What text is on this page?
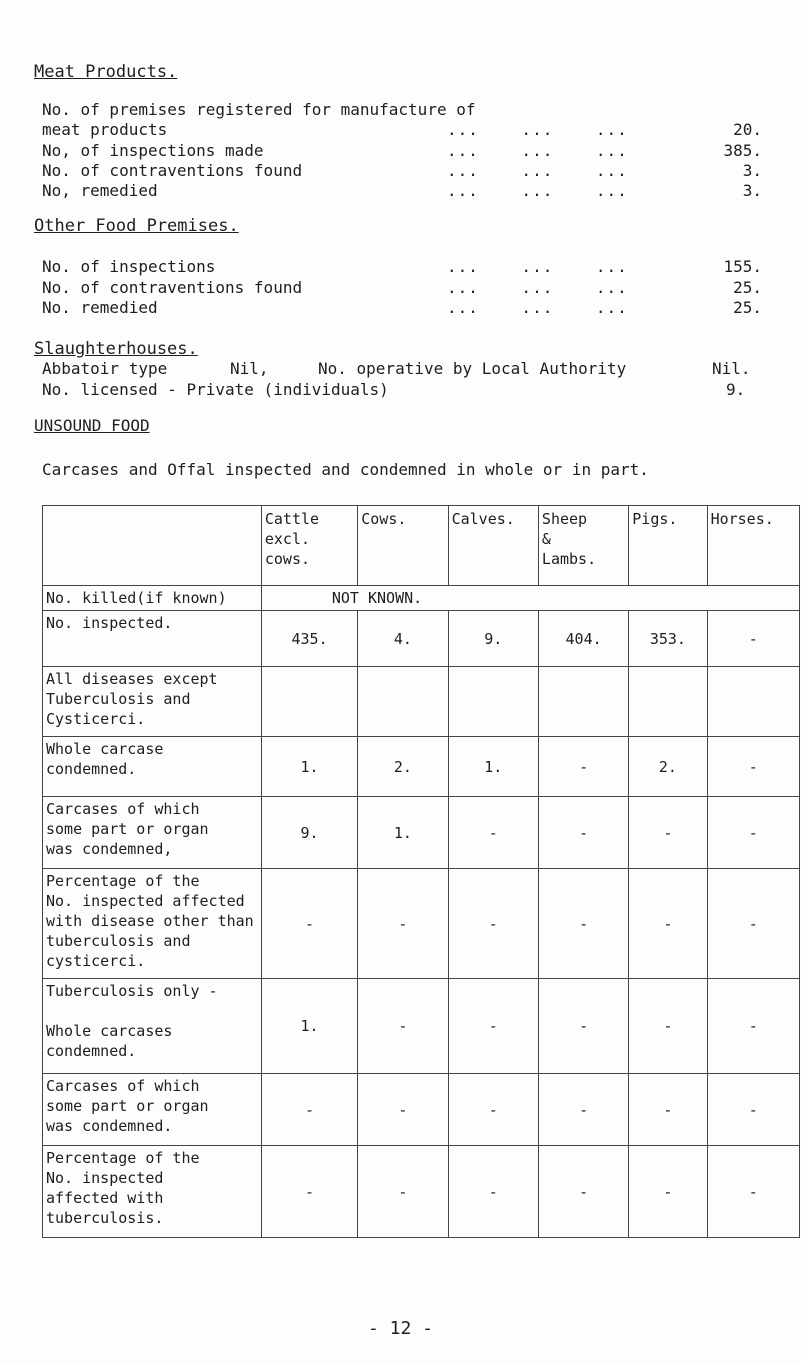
Meat Products.
No. of premises registered for manufacture of
meat products	...    ...    ...	20.
No, of inspections made	...    ...    ...	385.
No. of contraventions found	...    ...    ...	3.
No, remedied	...    ...    ...	3.
Other Food Premises.
No. of inspections	...    ...    ...	155.
No. of contraventions found	...    ...    ...	25.
No. remedied	...    ...    ...	25.
Slaughterhouses.
Abbatoir type	Nil,	No. operative by Local Authority	Nil.
No. licensed - Private (individuals)	9.
UNSOUND FOOD
Carcases and Offal inspected and condemned in whole or in part.
	Cattle
excl.
cows.	Cows.	Calves.	Sheep
&
Lambs.	Pigs.	Horses.
No. killed(if known)	NOT KNOWN.					
No. inspected.	435.	4.	9.	404.	353.	-
All diseases except
Tuberculosis and
Cysticerci.						
Whole carcase
condemned.	1.	2.	1.	-	2.	-
Carcases of which
some part or organ
was condemned,	9.	1.	-	-	-	-
Percentage of the
No. inspected affected
with disease other than
tuberculosis and
cysticerci.	-	-	-	-	-	-
Tuberculosis only -

Whole carcases
condemned.	1.	-	-	-	-	-
Carcases of which
some part or organ
was condemned.	-	-	-	-	-	-
Percentage of the
No. inspected
affected with
tuberculosis.	-	-	-	-	-	-
- 12 -
